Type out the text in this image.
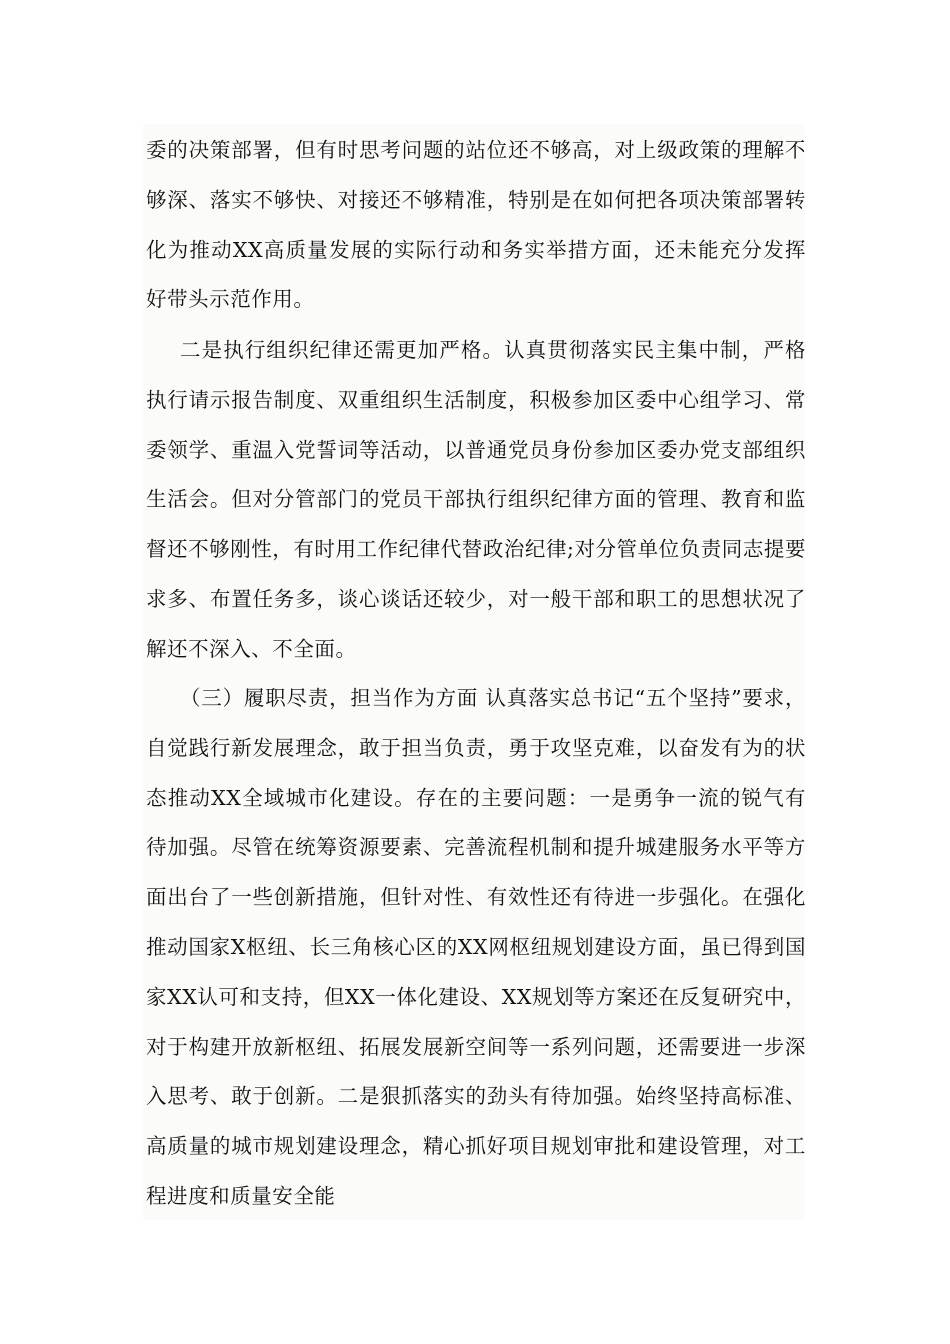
委的决策部署，但有时思考问题的站位还不够高，对上级政策的理解不够深、落实不够快、对接还不够精准，特别是在如何把各项决策部署转化为推动XX高质量发展的实际行动和务实举措方面，还未能充分发挥好带头示范作用。

二是执行组织纪律还需更加严格。认真贯彻落实民主集中制，严格执行请示报告制度、双重组织生活制度，积极参加区委中心组学习、常委领学、重温入党誓词等活动，以普通党员身份参加区委办党支部组织生活会。但对分管部门的党员干部执行组织纪律方面的管理、教育和监督还不够刚性，有时用工作纪律代替政治纪律;对分管单位负责同志提要求多、布置任务多，谈心谈话还较少，对一般干部和职工的思想状况了解还不深入、不全面。

（三）履职尽责，担当作为方面 认真落实总书记“五个坚持”要求，自觉践行新发展理念，敢于担当负责，勇于攻坚克难，以奋发有为的状态推动XX全域城市化建设。存在的主要问题：一是勇争一流的锐气有待加强。尽管在统筹资源要素、完善流程机制和提升城建服务水平等方面出台了一些创新措施，但针对性、有效性还有待进一步强化。在强化推动国家X枢纽、长三角核心区的XX网枢纽规划建设方面，虽已得到国家XX认可和支持，但XX一体化建设、XX规划等方案还在反复研究中，对于构建开放新枢纽、拓展发展新空间等一系列问题，还需要进一步深入思考、敢于创新。二是狠抓落实的劲头有待加强。始终坚持高标准、高质量的城市规划建设理念，精心抓好项目规划审批和建设管理，对工程进度和质量安全能
